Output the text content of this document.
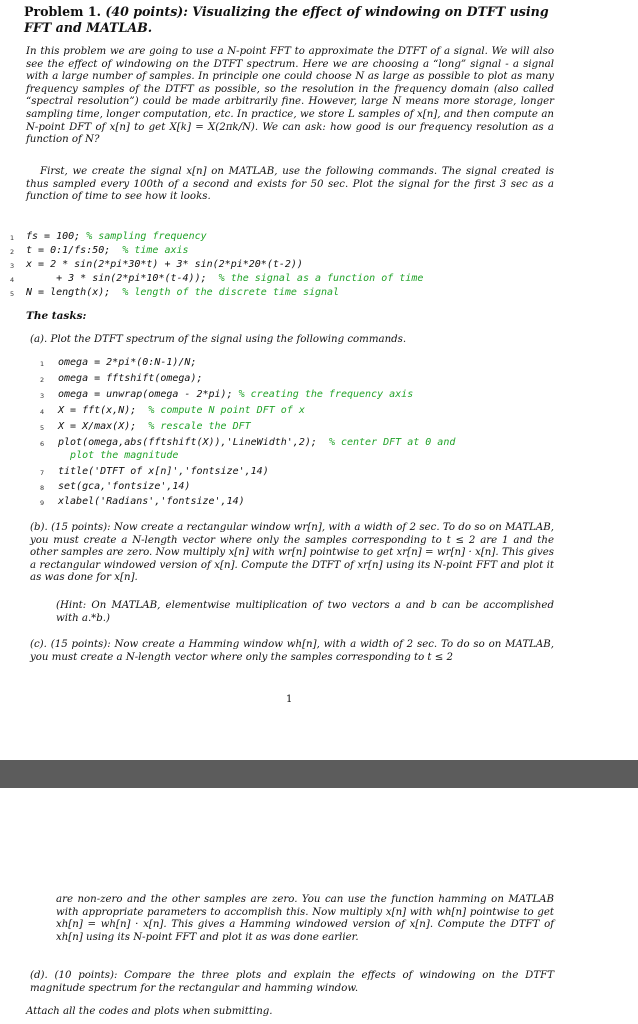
Problem 1. (40 points): Visualizing the effect of windowing on DTFT using FFT and MATLAB.
In this problem we are going to use a N-point FFT to approximate the DTFT of a signal. We will also see the effect of windowing on the DTFT spectrum. Here we are choosing a “long” signal - a signal with a large number of samples. In principle one could choose N as large as possible to plot as many frequency samples of the DTFT as possible, so the resolution in the frequency domain (also called “spectral resolution”) could be made arbitrarily fine. However, large N means more storage, longer sampling time, longer computation, etc. In practice, we store L samples of x[n], and then compute an N-point DFT of x[n] to get X[k] = X(2πk/N). We can ask: how good is our frequency resolution as a function of N?
First, we create the signal x[n] on MATLAB, use the following commands. The signal created is thus sampled every 100th of a second and exists for 50 sec. Plot the signal for the first 3 sec as a function of time to see how it looks.
1 fs = 100; % sampling frequency
2 t = 0:1/fs:50;  % time axis
3 x = 2 * sin(2*pi*30*t) + 3* sin(2*pi*20*(t-2))
4 + 3 * sin(2*pi*10*(t-4));  % the signal as a function of time
5 N = length(x);  % length of the discrete time signal
The tasks:
(a). Plot the DTFT spectrum of the signal using the following commands.
1 omega = 2*pi*(0:N-1)/N;
2 omega = fftshift(omega);
3 omega = unwrap(omega - 2*pi); % creating the frequency axis
4 X = fft(x,N);  % compute N point DFT of x
5 X = X/max(X);  % rescale the DFT
6 plot(omega,abs(fftshift(X)),'LineWidth',2);  % center DFT at 0 and
plot the magnitude
7 title('DTFT of x[n]','fontsize',14)
8 set(gca,'fontsize',14)
9 xlabel('Radians','fontsize',14)
(b). (15 points): Now create a rectangular window wr[n], with a width of 2 sec. To do so on MATLAB, you must create a N-length vector where only the samples corresponding to t ≤ 2 are 1 and the other samples are zero. Now multiply x[n] with wr[n] pointwise to get xr[n] = wr[n] · x[n]. This gives a rectangular windowed version of x[n]. Compute the DTFT of xr[n] using its N-point FFT and plot it as was done for x[n].
(Hint: On MATLAB, elementwise multiplication of two vectors a and b can be accomplished with a.*b.)
(c). (15 points): Now create a Hamming window wh[n], with a width of 2 sec. To do so on MATLAB, you must create a N-length vector where only the samples corresponding to t ≤ 2
1
are non-zero and the other samples are zero. You can use the function hamming on MATLAB with appropriate parameters to accomplish this. Now multiply x[n] with wh[n] pointwise to get xh[n] = wh[n] · x[n]. This gives a Hamming windowed version of x[n]. Compute the DTFT of xh[n] using its N-point FFT and plot it as was done earlier.
(d). (10 points): Compare the three plots and explain the effects of windowing on the DTFT magnitude spectrum for the rectangular and hamming window.
Attach all the codes and plots when submitting.
